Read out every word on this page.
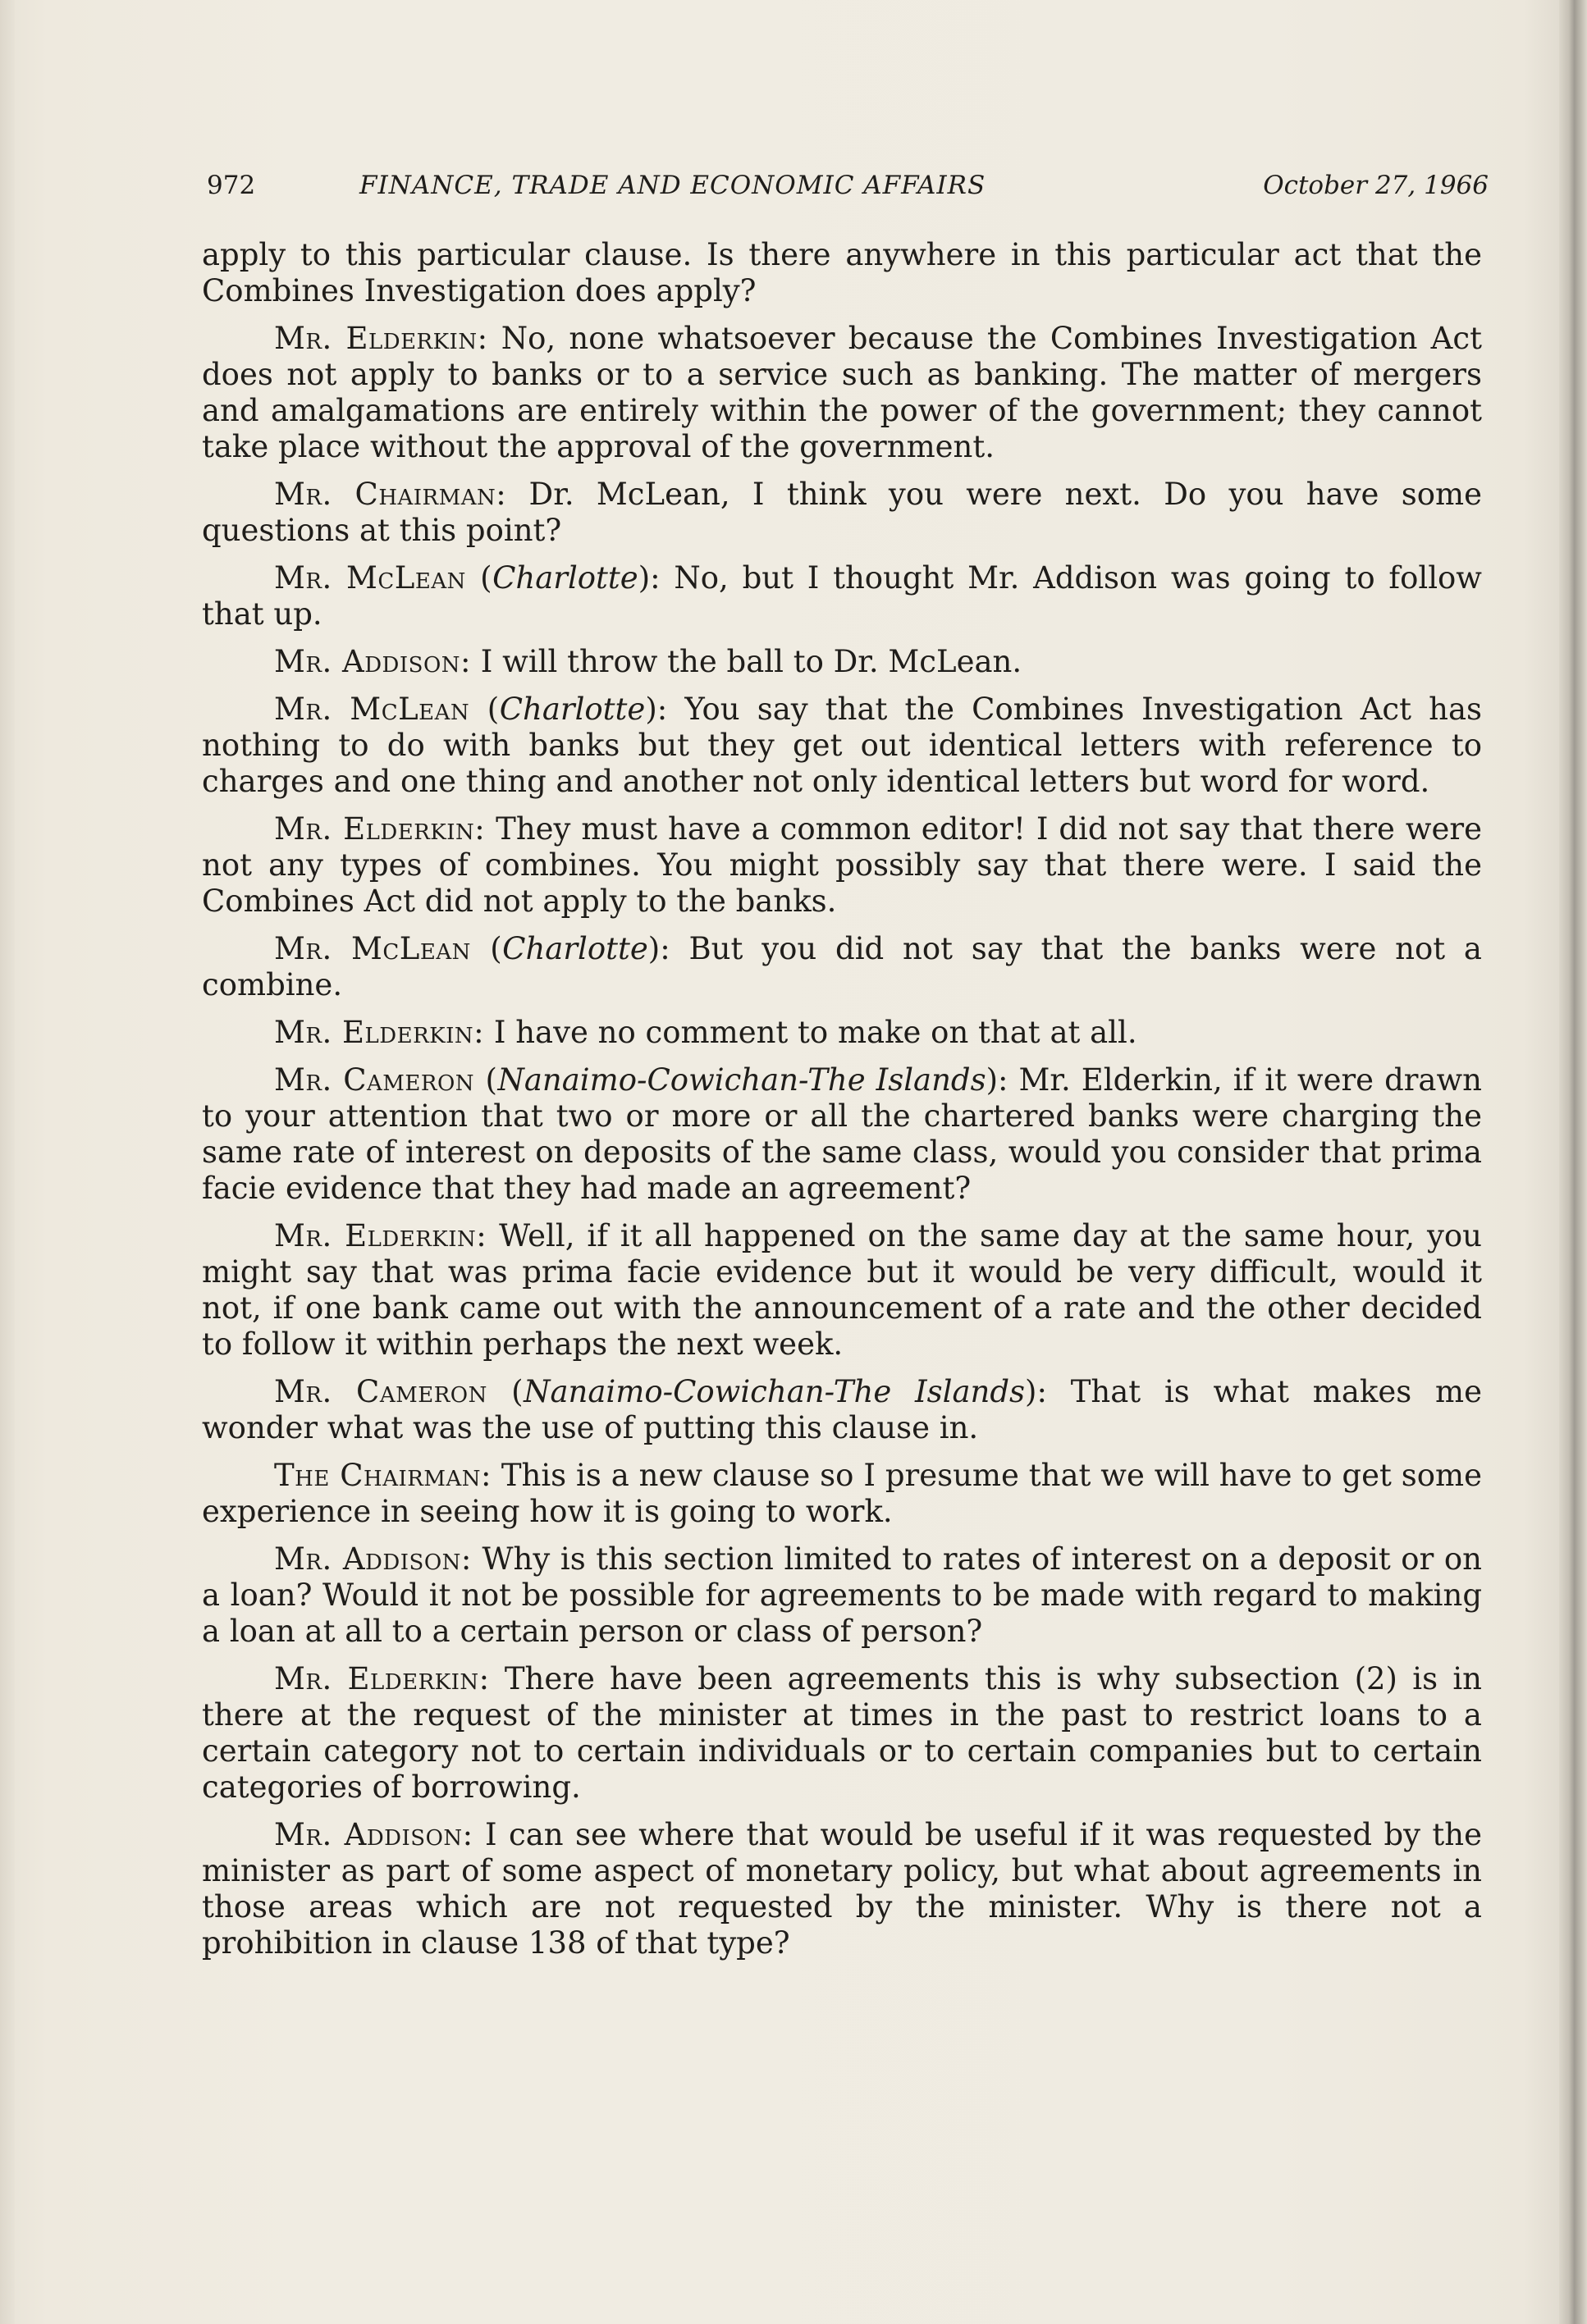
972	FINANCE, TRADE AND ECONOMIC AFFAIRS	October 27, 1966

apply to this particular clause. Is there anywhere in this particular act that the Combines Investigation does apply?

Mr. Elderkin: No, none whatsoever because the Combines Investigation Act does not apply to banks or to a service such as banking. The matter of mergers and amalgamations are entirely within the power of the government; they cannot take place without the approval of the government.

Mr. Chairman: Dr. McLean, I think you were next. Do you have some questions at this point?

Mr. McLean (Charlotte): No, but I thought Mr. Addison was going to follow that up.

Mr. Addison: I will throw the ball to Dr. McLean.

Mr. McLean (Charlotte): You say that the Combines Investigation Act has nothing to do with banks but they get out identical letters with reference to charges and one thing and another not only identical letters but word for word.

Mr. Elderkin: They must have a common editor! I did not say that there were not any types of combines. You might possibly say that there were. I said the Combines Act did not apply to the banks.

Mr. McLean (Charlotte): But you did not say that the banks were not a combine.

Mr. Elderkin: I have no comment to make on that at all.

Mr. Cameron (Nanaimo-Cowichan-The Islands): Mr. Elderkin, if it were drawn to your attention that two or more or all the chartered banks were charging the same rate of interest on deposits of the same class, would you consider that prima facie evidence that they had made an agreement?

Mr. Elderkin: Well, if it all happened on the same day at the same hour, you might say that was prima facie evidence but it would be very difficult, would it not, if one bank came out with the announcement of a rate and the other decided to follow it within perhaps the next week.

Mr. Cameron (Nanaimo-Cowichan-The Islands): That is what makes me wonder what was the use of putting this clause in.

The Chairman: This is a new clause so I presume that we will have to get some experience in seeing how it is going to work.

Mr. Addison: Why is this section limited to rates of interest on a deposit or on a loan? Would it not be possible for agreements to be made with regard to making a loan at all to a certain person or class of person?

Mr. Elderkin: There have been agreements this is why subsection (2) is in there at the request of the minister at times in the past to restrict loans to a certain category not to certain individuals or to certain companies but to certain categories of borrowing.

Mr. Addison: I can see where that would be useful if it was requested by the minister as part of some aspect of monetary policy, but what about agreements in those areas which are not requested by the minister. Why is there not a prohibition in clause 138 of that type?
